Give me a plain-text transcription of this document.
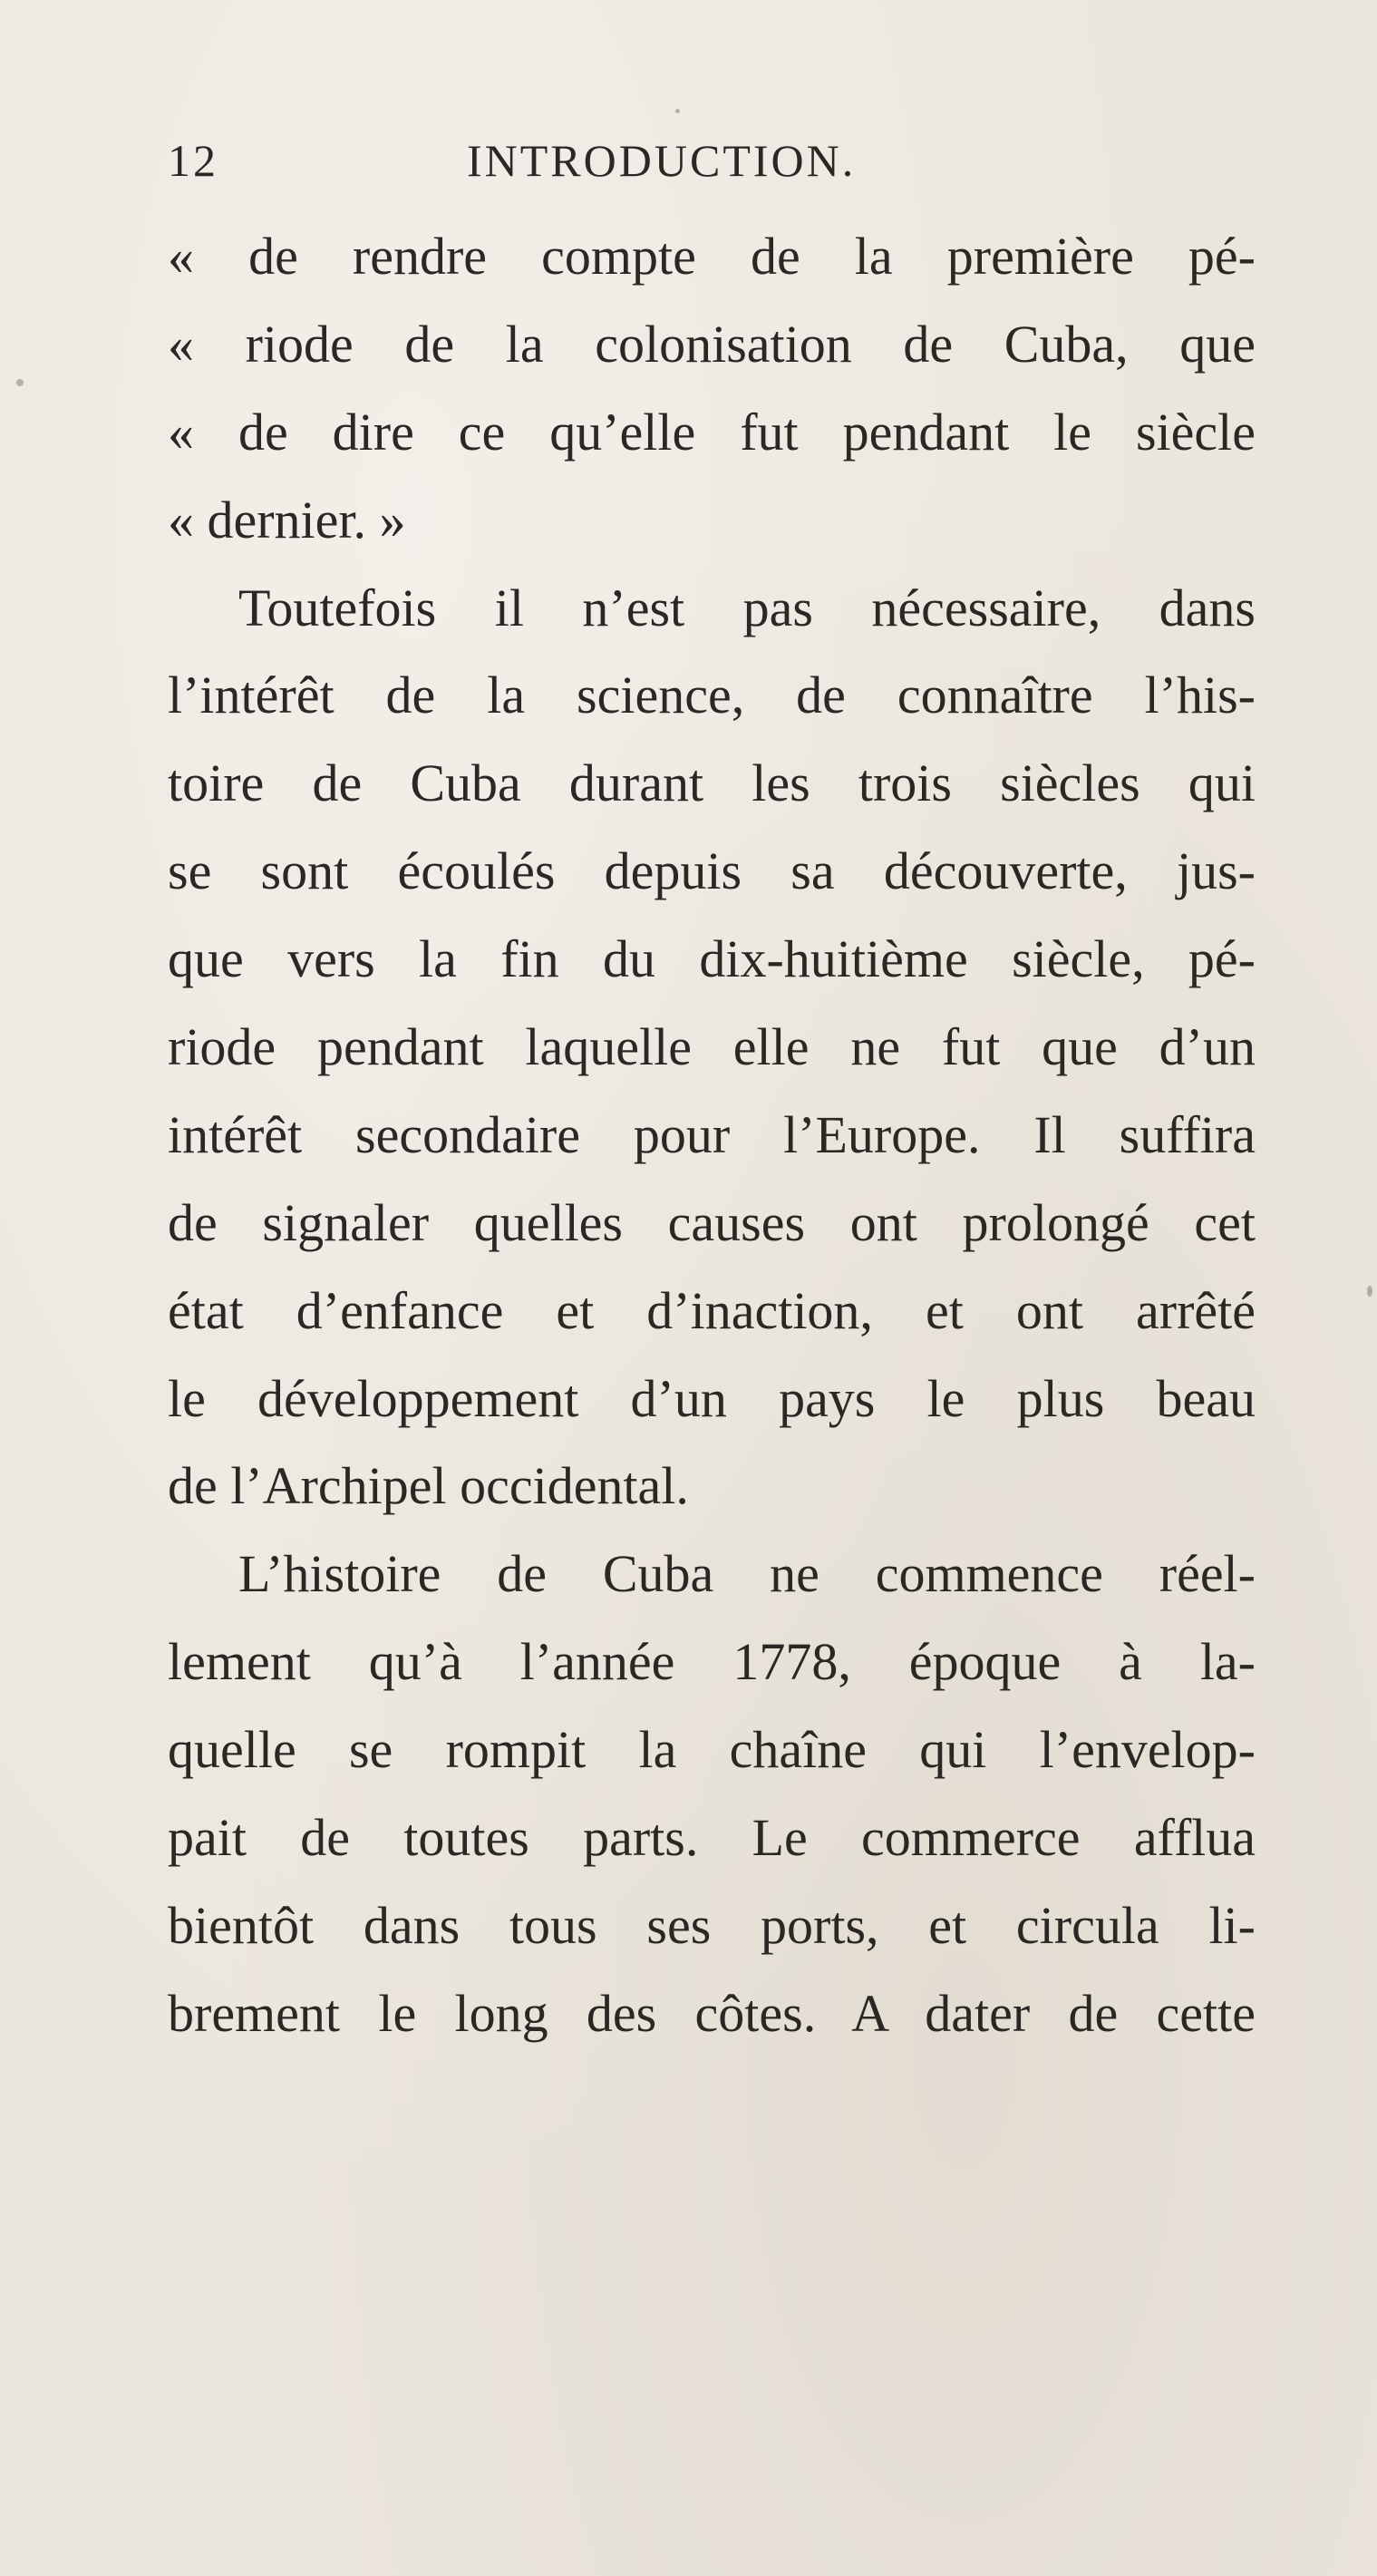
12	INTRODUCTION.
« de rendre compte de la première pé-
« riode de la colonisation de Cuba, que
« de dire ce qu’elle fut pendant le siècle
« dernier. »
Toutefois il n’est pas nécessaire, dans
l’intérêt de la science, de connaître l’his-
toire de Cuba durant les trois siècles qui
se sont écoulés depuis sa découverte, jus-
que vers la fin du dix-huitième siècle, pé-
riode pendant laquelle elle ne fut que d’un
intérêt secondaire pour l’Europe. Il suffira
de signaler quelles causes ont prolongé cet
état d’enfance et d’inaction, et ont arrêté
le développement d’un pays le plus beau
de l’Archipel occidental.
L’histoire de Cuba ne commence réel-
lement qu’à l’année 1778, époque à la-
quelle se rompit la chaîne qui l’envelop-
pait de toutes parts. Le commerce afflua
bientôt dans tous ses ports, et circula li-
brement le long des côtes. A dater de cette
